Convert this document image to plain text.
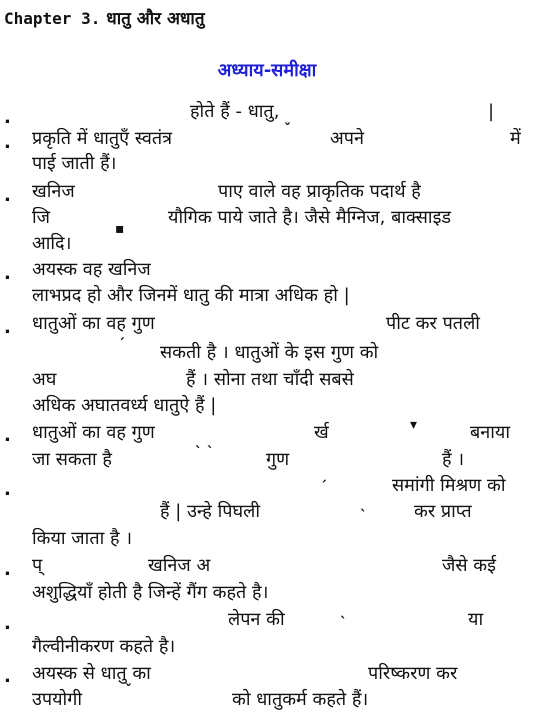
Chapter 3. धातु और अधातु
अध्याय-समीक्षा
.
.
.
.
.
.
.
.
.
.
होते हैं - धातु,	|
प्रकृति में धातुएँ स्वतंत्र	अपने	में
पाई जाती हैं।
खनिज	पाए वाले वह प्राकृतिक पदार्थ है
जि	यौगिक पाये जाते है। जैसे मैग्निज, बाक्साइड
आदि।
अयस्क वह खनिज
लाभप्रद हो और जिनमें धातु की मात्रा अधिक हो |
धातुओं का वह गुण	पीट कर पतली
सकती है । धातुओं के इस गुण को
अघ	हैं । सोना तथा चाँदी सबसे
अधिक अघातवर्ध्य धातुऐ हैं |
धातुओं का वह गुण	र्ख	बनाया
जा सकता है	गुण	हैं ।
समांगी मिश्रण को
हैं | उन्हे पिघली	कर प्राप्त
किया जाता है ।
प्	खनिज अ	जैसे कई
अशुद्धियाँ होती है जिन्हें गैंग कहते है।
लेपन की	या
गैल्वीनीकरण कहते है।
अयस्क से धातु का	परिष्करण कर
उपयोगी	को धातुकर्म कहते हैं।
ˇ
▪
ˊ
▾
ˋ ˋ
ˏ
ˎ
ˎ
ˇ
